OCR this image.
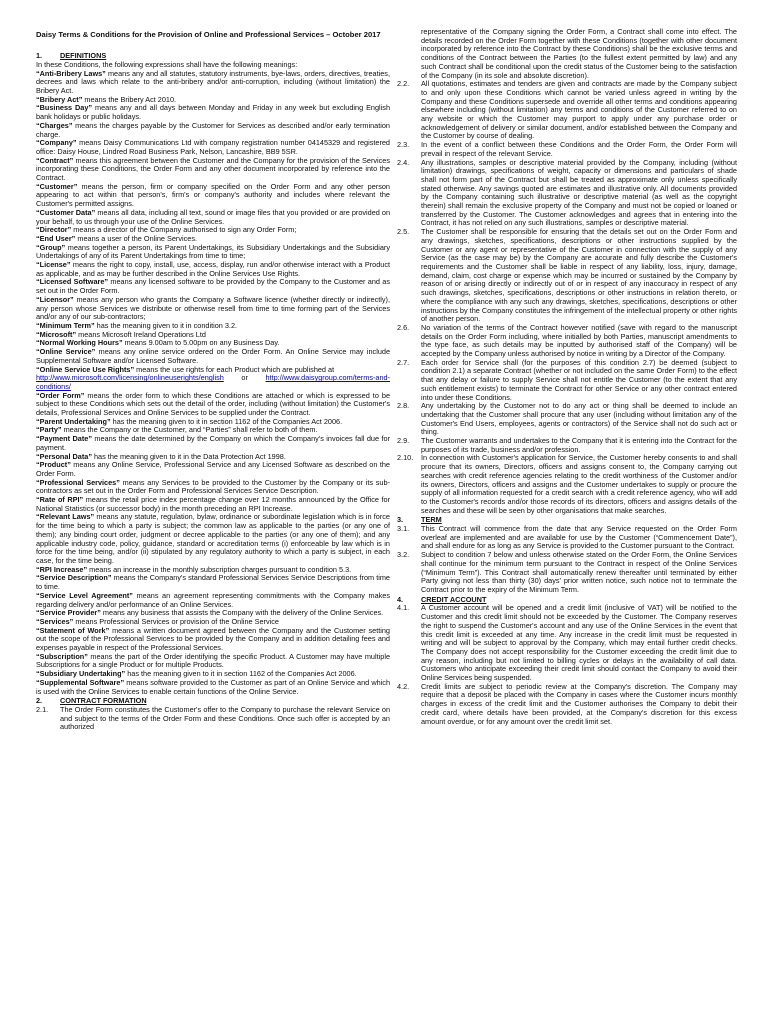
Daisy Terms & Conditions for the Provision of Online and Professional Services – October 2017
1.	DEFINITIONS

In these Conditions, the following expressions shall have the following meanings:

“Anti-Bribery Laws” means any and all statutes, statutory instruments, bye-laws, orders, directives, treaties, decrees and laws which relate to the anti-bribery and/or anti-corruption, including (without limitation) the Bribery Act.

“Bribery Act” means the Bribery Act 2010.

“Business Day” means any and all days between Monday and Friday in any week but excluding English bank holidays or public holidays.

“Charges” means the charges payable by the Customer for Services as described and/or early termination charge.

“Company” means Daisy Communications Ltd with company registration number 04145329 and registered office: Daisy House, Lindred Road Business Park, Nelson, Lancashire, BB9 5SR.

“Contract” means this agreement between the Customer and the Company for the provision of the Services incorporating these Conditions, the Order Form and any other document incorporated by reference into the Contract.

“Customer” means the person, firm or company specified on the Order Form and any other person appearing to act within that person's, firm's or company's authority and includes where relevant the Customer's permitted assigns.

“Customer Data” means all data, including all text, sound or image files that you provided or are provided on your behalf, to us through your use of the Online Services.

“Director” means a director of the Company authorised to sign any Order Form;

“End User” means a user of the Online Services.

“Group” means together a person, its Parent Undertakings, its Subsidiary Undertakings and the Subsidiary Undertakings of any of its Parent Undertakings from time to time;

“License” means the right to copy, install, use, access, display, run and/or otherwise interact with a Product as applicable, and as may be further described in the Online Services Use Rights.

“Licensed Software” means any licensed software to be provided by the Company to the Customer and as set out in the Order Form.

“Licensor” means any person who grants the Company a Software licence (whether directly or indirectly), any person whose Services we distribute or otherwise resell from time to time forming part of the Services and/or any of our sub-contractors;

“Minimum Term” has the meaning given to it in condition 3.2.

“Microsoft” means Microsoft Ireland Operations Ltd

“Normal Working Hours” means 9.00am to 5.00pm on any Business Day.

“Online Service” means any online service ordered on the Order Form. An Online Service may include Supplemental Software and/or Licensed Software.

“Online Service Use Rights” means the use rights for each Product which are published at

http://www.microsoft.com/licensing/onlineuserights/english or http://www.daisygroup.com/terms-and-conditions/

“Order Form” means the order form to which these Conditions are attached or which is expressed to be subject to these Conditions which sets out the detail of the order, including (without limitation) the Customer's details, Professional Services and Online Services to be supplied under the Contract.

“Parent Undertaking” has the meaning given to it in section 1162 of the Companies Act 2006.

“Party” means the Company or the Customer, and “Parties” shall refer to both of them.

“Payment Date” means the date determined by the Company on which the Company's invoices fall due for payment.

“Personal Data” has the meaning given to it in the Data Protection Act 1998.

“Product” means any Online Service, Professional Service and any Licensed Software as described on the Order Form.

“Professional Services” means any Services to be provided to the Customer by the Company or its sub-contractors as set out in the Order Form and Professional Services Service Description.

“Rate of RPI” means the retail price index percentage change over 12 months announced by the Office for National Statistics (or successor body) in the month preceding an RPI Increase.

“Relevant Laws” means any statute, regulation, bylaw, ordinance or subordinate legislation which is in force for the time being to which a party is subject; the common law as applicable to the parties (or any one of them); any binding court order, judgment or decree applicable to the parties (or any one of them); and any applicable industry code, policy, guidance, standard or accreditation terms (i) enforceable by law which is in force for the time being, and/or (ii) stipulated by any regulatory authority to which a party is subject, in each case, for the time being.

“RPI Increase” means an increase in the monthly subscription charges pursuant to condition 5.3.

“Service Description” means the Company's standard Professional Services Service Descriptions from time to time.

“Service Level Agreement” means an agreement representing commitments with the Company makes regarding delivery and/or performance of an Online Services.

“Service Provider” means any business that assists the Company with the delivery of the Online Services.

“Services” means Professional Services or provision of the Online Service

“Statement of Work” means a written document agreed between the Company and the Customer setting out the scope of the Professional Services to be provided by the Company and in addition detailing fees and expenses payable in respect of the Professional Services.

“Subscription” means the part of the Order identifying the specific Product. A Customer may have multiple Subscriptions for a single Product or for multiple Products.

“Subsidiary Undertaking” has the meaning given to it in section 1162 of the Companies Act 2006.

“Supplemental Software” means software provided to the Customer as part of an Online Service and which is used with the Online Services to enable certain functions of the Online Service.

2.	CONTRACT FORMATION
2.1.	The Order Form constitutes the Customer's offer to the Company to purchase the relevant Service on and subject to the terms of the Order Form and these Conditions. Once such offer is accepted by an authorized

representative of the Company signing the Order Form, a Contract shall come into effect. The details recorded on the Order Form together with these Conditions (together with other document incorporated by reference into the Contract by these Conditions) shall be the exclusive terms and conditions of the Contract between the Parties (to the fullest extent permitted by law) and any such Contract shall be conditional upon the credit status of the Customer being to the satisfaction of the Company (in its sole and absolute discretion).

2.2.	All quotations, estimates and tenders are given and contracts are made by the Company subject to and only upon these Conditions which cannot be varied unless agreed in writing by the Company and these Conditions supersede and override all other terms and conditions appearing elsewhere including (without limitation) any terms and conditions of the Customer referred to on any website or which the Customer may purport to apply under any purchase order or acknowledgement of delivery or similar document, and/or established between the Company and the Customer by course of dealing.
2.3.	In the event of a conflict between these Conditions and the Order Form, the Order Form will prevail in respect of the relevant Service.
2.4.	Any illustrations, samples or descriptive material provided by the Company, including (without limitation) drawings, specifications of weight, capacity or dimensions and particulars of shade shall not form part of the Contract but shall be treated as approximate only unless specifically stated otherwise. Any savings quoted are estimates and illustrative only. All documents provided by the Company containing such illustrative or descriptive material (as well as the copyright therein) shall remain the exclusive property of the Company and must not be copied or loaned or transferred by the Customer. The Customer acknowledges and agrees that in entering into the Contract, it has not relied on any such illustrations, samples or descriptive material.
2.5.	The Customer shall be responsible for ensuring that the details set out on the Order Form and any drawings, sketches, specifications, descriptions or other instructions supplied by the Customer or any agent or representative of the Customer in connection with the supply of any Service (as the case may be) by the Company are accurate and fully describe the Customer's requirements and the Customer shall be liable in respect of any liability, loss, injury, damage, demand, claim, cost charge or expense which may be incurred or sustained by the Company by reason of or arising directly or indirectly out of or in respect of any inaccuracy in respect of any such drawings, sketches, specifications, descriptions or other instructions in relation thereto, or where the compliance with any such any drawings, sketches, specifications, descriptions or other instructions by the Company constitutes the infringement of the intellectual property or other rights of another person.
2.6.	No variation of the terms of the Contract however notified (save with regard to the manuscript details on the Order Form including, where initialled by both Parties, manuscript amendments to the type face, as such details may be inputted by authorised staff of the Company) will be accepted by the Company unless authorised by notice in writing by a Director of the Company.
2.7.	Each order for Service shall (for the purposes of this condition 2.7) be deemed (subject to condition 2.1) a separate Contract (whether or not included on the same Order Form) to the effect that any delay or failure to supply Service shall not entitle the Customer (to the extent that any such entitlement exists) to terminate the Contract for other Service or any other contract entered into under these Conditions.
2.8.	Any undertaking by the Customer not to do any act or thing shall be deemed to include an undertaking that the Customer shall procure that any user (including without limitation any of the Customer's End Users, employees, agents or contractors) of the Service shall not do such act or thing.
2.9.	The Customer warrants and undertakes to the Company that it is entering into the Contract for the purposes of its trade, business and/or profession.
2.10.	In connection with Customer's application for Service, the Customer hereby consents to and shall procure that its owners, Directors, officers and assigns consent to, the Company carrying out searches with credit reference agencies relating to the credit worthiness of the Customer and/or its owners, Directors, officers and assigns and the Customer undertakes to supply or procure the supply of all information requested for a credit search with a credit reference agency, who will add to the Customer's records and/or those records of its directors, officers and assigns details of the searches and these will be seen by other organisations that make searches.
3.	TERM
3.1.	This Contract will commence from the date that any Service requested on the Order Form overleaf are implemented and are available for use by the Customer (“Commencement Date”), and shall endure for as long as any Service is provided to the Customer pursuant to the Contract.
3.2.	Subject to condition 7 below and unless otherwise stated on the Order Form, the Online Services shall continue for the minimum term pursuant to the Contract in respect of the Online Services (“Minimum Term”). This Contract shall automatically renew thereafter until terminated by either Party giving not less than thirty (30) days' prior written notice, such notice not to terminate the Contract prior to the expiry of the Minimum Term.
4.	CREDIT ACCOUNT
4.1.	A Customer account will be opened and a credit limit (inclusive of VAT) will be notified to the Customer and this credit limit should not be exceeded by the Customer. The Company reserves the right to suspend the Customer's account and any use of the Online Services in the event that this credit limit is exceeded at any time. Any increase in the credit limit must be requested in writing and will be subject to approval by the Company, which may entail further credit checks. The Company does not accept responsibility for the Customer exceeding the credit limit due to any reason, including but not limited to billing cycles or delays in the availability of call data. Customers who anticipate exceeding their credit limit should contact the Company to avoid their Online Services being suspended.
4.2.	Credit limits are subject to periodic review at the Company's discretion. The Company may require that a deposit be placed with the Company in cases where the Customer incurs monthly charges in excess of the credit limit and the Customer authorises the Company to debit their credit card, where details have been provided, at the Company's discretion for this excess amount overdue, or for any amount over the credit limit set.
